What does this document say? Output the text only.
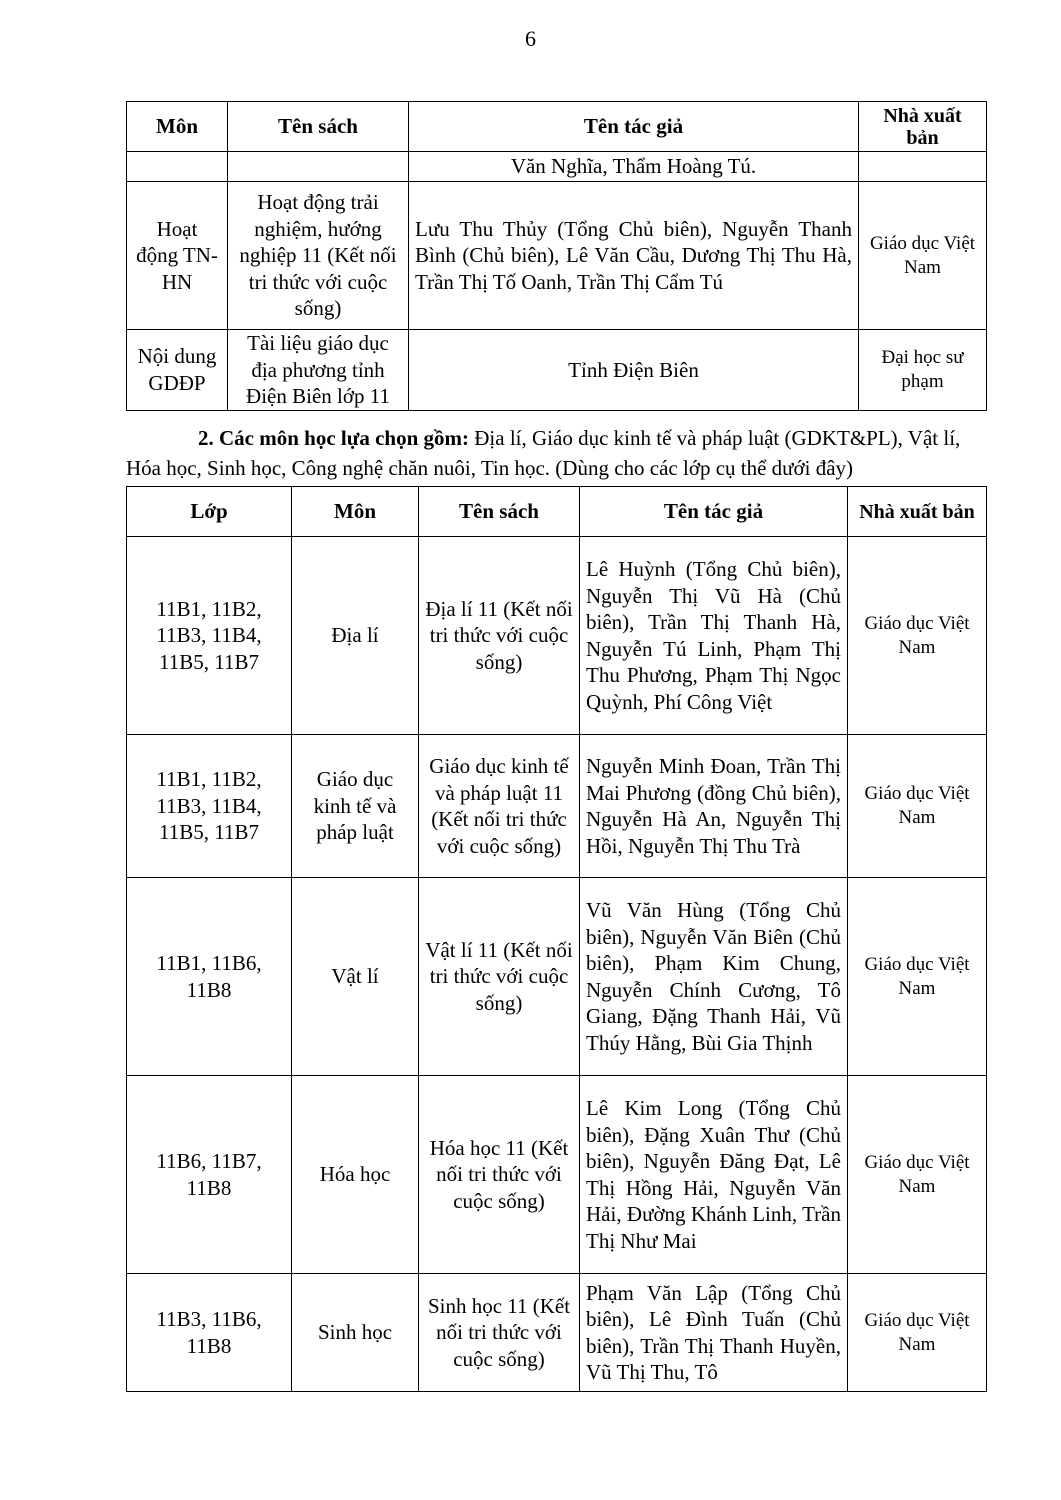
6
Môn	Tên sách	Tên tác giả	Nhà xuất bản
		Văn Nghĩa, Thẩm Hoàng Tú.	
Hoạt động TN-HN	Hoạt động trải nghiệm, hướng nghiệp 11 (Kết nối tri thức với cuộc sống)	Lưu Thu Thủy (Tổng Chủ biên), Nguyễn Thanh Bình (Chủ biên), Lê Văn Cầu, Dương Thị Thu Hà, Trần Thị Tố Oanh, Trần Thị Cẩm Tú	Giáo dục Việt Nam
Nội dung GDĐP	Tài liệu giáo dục địa phương tỉnh Điện Biên lớp 11	Tỉnh Điện Biên	Đại học sư phạm
2. Các môn học lựa chọn gồm: Địa lí, Giáo dục kinh tế và pháp luật (GDKT&PL), Vật lí, Hóa học, Sinh học, Công nghệ chăn nuôi, Tin học. (Dùng cho các lớp cụ thể dưới đây)
Lớp	Môn	Tên sách	Tên tác giả	Nhà xuất bản
11B1, 11B2, 11B3, 11B4, 11B5, 11B7	Địa lí	Địa lí 11 (Kết nối tri thức với cuộc sống)	Lê Huỳnh (Tổng Chủ biên), Nguyễn Thị Vũ Hà (Chủ biên), Trần Thị Thanh Hà, Nguyễn Tú Linh, Phạm Thị Thu Phương, Phạm Thị Ngọc Quỳnh, Phí Công Việt	Giáo dục Việt Nam
11B1, 11B2, 11B3, 11B4, 11B5, 11B7	Giáo dục kinh tế và pháp luật	Giáo dục kinh tế và pháp luật 11 (Kết nối tri thức với cuộc sống)	Nguyễn Minh Đoan, Trần Thị Mai Phương (đồng Chủ biên), Nguyễn Hà An, Nguyễn Thị Hồi, Nguyễn Thị Thu Trà	Giáo dục Việt Nam
11B1, 11B6, 11B8	Vật lí	Vật lí 11 (Kết nối tri thức với cuộc sống)	Vũ Văn Hùng (Tổng Chủ biên), Nguyễn Văn Biên (Chủ biên), Phạm Kim Chung, Nguyễn Chính Cương, Tô Giang, Đặng Thanh Hải, Vũ Thúy Hằng, Bùi Gia Thịnh	Giáo dục Việt Nam
11B6, 11B7, 11B8	Hóa học	Hóa học 11 (Kết nối tri thức với cuộc sống)	Lê Kim Long (Tổng Chủ biên), Đặng Xuân Thư (Chủ biên), Nguyễn Đăng Đạt, Lê Thị Hồng Hải, Nguyễn Văn Hải, Đường Khánh Linh, Trần Thị Như Mai	Giáo dục Việt Nam
11B3, 11B6, 11B8	Sinh học	Sinh học 11 (Kết nối tri thức với cuộc sống)	Phạm Văn Lập (Tổng Chủ biên), Lê Đình Tuấn (Chủ biên), Trần Thị Thanh Huyền, Vũ Thị Thu, Tô	Giáo dục Việt Nam
